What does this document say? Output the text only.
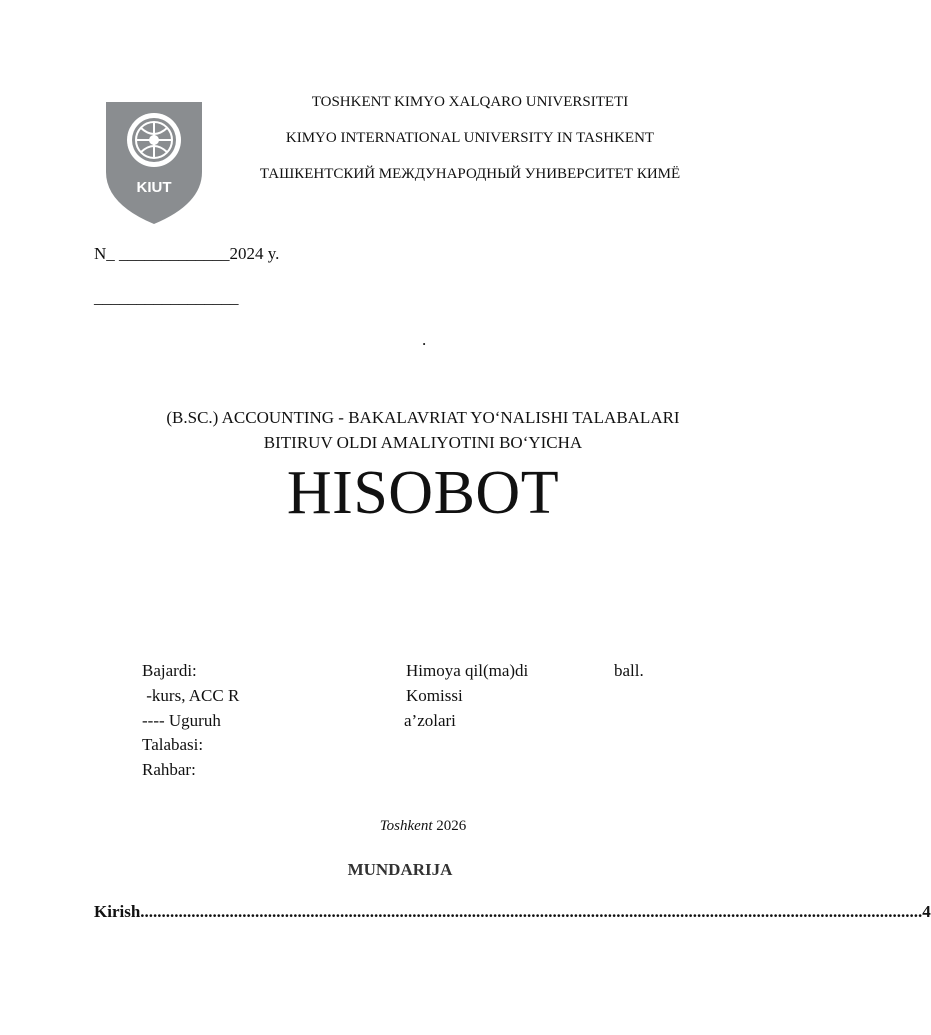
KIUT
TOSHKENT KIMYO XALQARO UNIVERSITETI
KIMYO INTERNATIONAL UNIVERSITY IN TASHKENT
ТАШКЕНТСКИЙ МЕЖДУНАРОДНЫЙ УНИВЕРСИТЕТ КИМЁ
N_ _____________2024 y.
_________________
.
(B.SC.) ACCOUNTING - BAKALAVRIAT YO‘NALISHI TALABALARI
BITIRUV OLDI AMALIYOTINI BO‘YICHA
HISOBOT
Bajardi:
-kurs, ACC R
---- Uguruh
Talabasi:
Rahbar:
Himoya qil(ma)di
Komissi
a’zolari
ball.
Toshkent 2026
MUNDARIJA
Kirish ........................................................................................................................................................................................ 4
